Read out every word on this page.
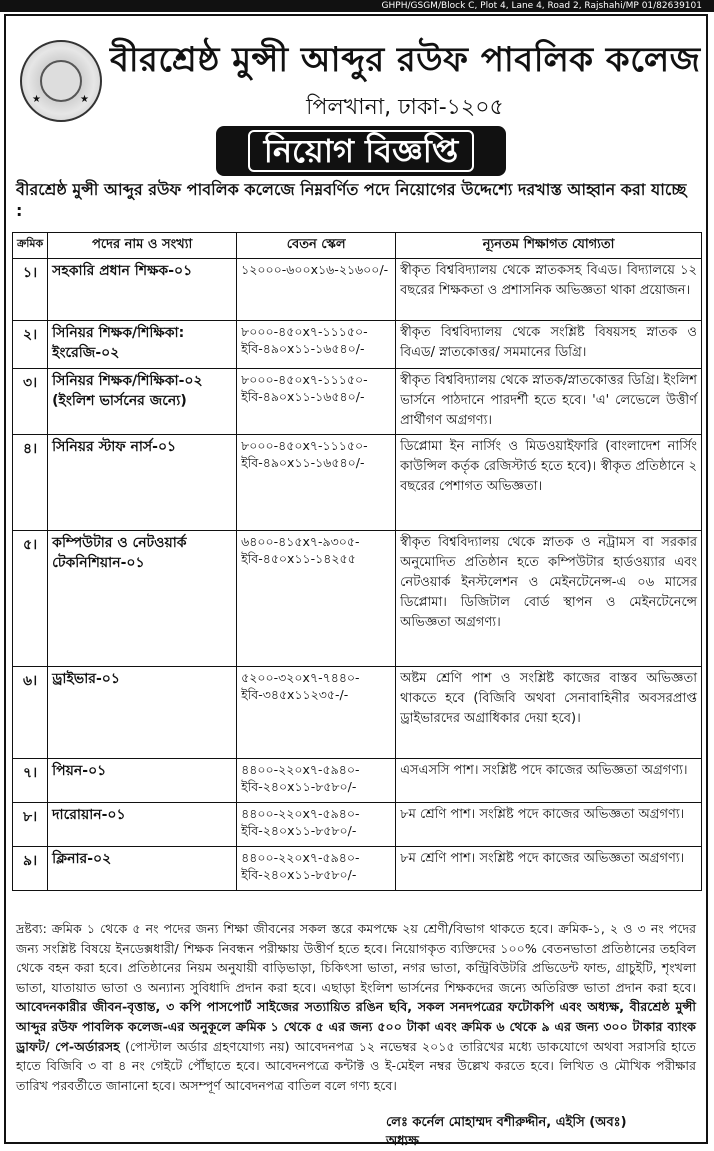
GHPH/GSGM/Block C, Plot 4, Lane 4, Road 2, Rajshahi/MP 01/82639101
★	★
বীরশ্রেষ্ঠ মুন্সী আব্দুর রউফ পাবলিক কলেজ
পিলখানা, ঢাকা-১২০৫
নিয়োগ বিজ্ঞপ্তি
বীরশ্রেষ্ঠ মুন্সী আব্দুর রউফ পাবলিক কলেজে নিম্নবর্ণিত পদে নিয়োগের উদ্দেশ্যে দরখাস্ত আহ্বান করা যাচ্ছে :
ক্রমিক	পদের নাম ও সংখ্যা	বেতন স্কেল	ন্যূনতম শিক্ষাগত যোগ্যতা
১।	সহকারি প্রধান শিক্ষক-০১	১২০০০-৬০০x১৬-২১৬০০/-	স্বীকৃত বিশ্ববিদ্যালয় থেকে স্নাতকসহ বিএড। বিদ্যালয়ে ১২ বছরের শিক্ষকতা ও প্রশাসনিক অভিজ্ঞতা থাকা প্রয়োজন।
২।	সিনিয়র শিক্ষক/শিক্ষিকা: ইংরেজি-০২	৮০০০-৪৫০x৭-১১১৫০- ইবি-৪৯০x১১-১৬৫৪০/-	স্বীকৃত বিশ্ববিদ্যালয় থেকে সংশ্লিষ্ট বিষয়সহ স্নাতক ও বিএড/ স্নাতকোত্তর/ সমমানের ডিগ্রি।
৩।	সিনিয়র শিক্ষক/শিক্ষিকা-০২ (ইংলিশ ভার্সনের জন্যে)	৮০০০-৪৫০x৭-১১১৫০- ইবি-৪৯০x১১-১৬৫৪০/-	স্বীকৃত বিশ্ববিদ্যালয় থেকে স্নাতক/স্নাতকোত্তর ডিগ্রি। ইংলিশ ভার্সনে পাঠদানে পারদর্শী হতে হবে। 'এ' লেভেলে উত্তীর্ণ প্রার্থীগণ অগ্রগণ্য।
৪।	সিনিয়র স্টাফ নার্স-০১	৮০০০-৪৫০x৭-১১১৫০- ইবি-৪৯০x১১-১৬৫৪০/-	ডিপ্লোমা ইন নার্সিং ও মিডওয়াইফারি (বাংলাদেশ নার্সিং কাউন্সিল কর্তৃক রেজিস্টার্ড হতে হবে)। স্বীকৃত প্রতিষ্ঠানে ২ বছরের পেশাগত অভিজ্ঞতা।
৫।	কম্পিউটার ও নেটওয়ার্ক টেকনিশিয়ান-০১	৬৪০০-৪১৫x৭-৯৩০৫- ইবি-৪৫০x১১-১৪২৫৫	স্বীকৃত বিশ্ববিদ্যালয় থেকে স্নাতক ও নট্রামস বা সরকার অনুমোদিত প্রতিষ্ঠান হতে কম্পিউটার হার্ডওয়্যার এবং নেটওয়ার্ক ইনস্টলেশন ও মেইনটেনেন্স-এ ০৬ মাসের ডিপ্লোমা। ডিজিটাল বোর্ড স্থাপন ও মেইনটেনেন্সে অভিজ্ঞতা অগ্রগণ্য।
৬।	ড্রাইভার-০১	৫২০০-৩২০x৭-৭৪৪০- ইবি-৩৪৫x১১২৩৫-/-	অষ্টম শ্রেণি পাশ ও সংশ্লিষ্ট কাজের বাস্তব অভিজ্ঞতা থাকতে হবে (বিজিবি অথবা সেনাবাহিনীর অবসরপ্রাপ্ত ড্রাইভারদের অগ্রাধিকার দেয়া হবে)।
৭।	পিয়ন-০১	৪৪০০-২২০x৭-৫৯৪০- ইবি-২৪০x১১-৮৫৮০/-	এসএসসি পাশ। সংশ্লিষ্ট পদে কাজের অভিজ্ঞতা অগ্রগণ্য।
৮।	দারোয়ান-০১	৪৪০০-২২০x৭-৫৯৪০- ইবি-২৪০x১১-৮৫৮০/-	৮ম শ্রেণি পাশ। সংশ্লিষ্ট পদে কাজের অভিজ্ঞতা অগ্রগণ্য।
৯।	ক্লিনার-০২	৪৪০০-২২০x৭-৫৯৪০- ইবি-২৪০x১১-৮৫৮০/-	৮ম শ্রেণি পাশ। সংশ্লিষ্ট পদে কাজের অভিজ্ঞতা অগ্রগণ্য।
দ্রষ্টব্য: ক্রমিক ১ থেকে ৫ নং পদের জন্য শিক্ষা জীবনের সকল স্তরে কমপক্ষে ২য় শ্রেণী/বিভাগ থাকতে হবে। ক্রমিক-১, ২ ও ৩ নং পদের জন্য সংশ্লিষ্ট বিষয়ে ইনডেক্সধারী/ শিক্ষক নিবন্ধন পরীক্ষায় উত্তীর্ণ হতে হবে। নিয়োগকৃত ব্যক্তিদের ১০০% বেতনভাতা প্রতিষ্ঠানের তহবিল থেকে বহন করা হবে। প্রতিষ্ঠানের নিয়ম অনুযায়ী বাড়িভাড়া, চিকিৎসা ভাতা, নগর ভাতা, কন্ট্রিবিউটরি প্রভিডেন্ট ফান্ড, গ্রাচুইটি, শৃংখলা ভাতা, যাতায়াত ভাতা ও অন্যান্য সুবিধাদি প্রদান করা হবে। এছাড়া ইংলিশ ভার্সনের শিক্ষকদের জন্যে অতিরিক্ত ভাতা প্রদান করা হবে। আবেদনকারীর জীবন-বৃত্তান্ত, ৩ কপি পাসপোর্ট সাইজের সত্যায়িত রঙিন ছবি, সকল সনদপত্রের ফটোকপি এবং অধ্যক্ষ, বীরশ্রেষ্ঠ মুন্সী আব্দুর রউফ পাবলিক কলেজ-এর অনুকূলে ক্রমিক ১ থেকে ৫ এর জন্য ৫০০ টাকা এবং ক্রমিক ৬ থেকে ৯ এর জন্য ৩০০ টাকার ব্যাংক ড্রাফট/ পে-অর্ডারসহ (পোস্টাল অর্ডার গ্রহণযোগ্য নয়) আবেদনপত্র ১২ নভেম্বর ২০১৫ তারিখের মধ্যে ডাকযোগে অথবা সরাসরি হাতে হাতে বিজিবি ৩ বা ৪ নং গেইটে পৌঁছাতে হবে। আবেদনপত্রে কন্টাক্ট ও ই-মেইল নম্বর উল্লেখ করতে হবে। লিখিত ও মৌখিক পরীক্ষার তারিখ পরবর্তীতে জানানো হবে। অসম্পূর্ণ আবেদনপত্র বাতিল বলে গণ্য হবে।
লেঃ কর্নেল মোহাম্মদ বশীরুদ্দীন, এইসি (অবঃ)
অধ্যক্ষ
